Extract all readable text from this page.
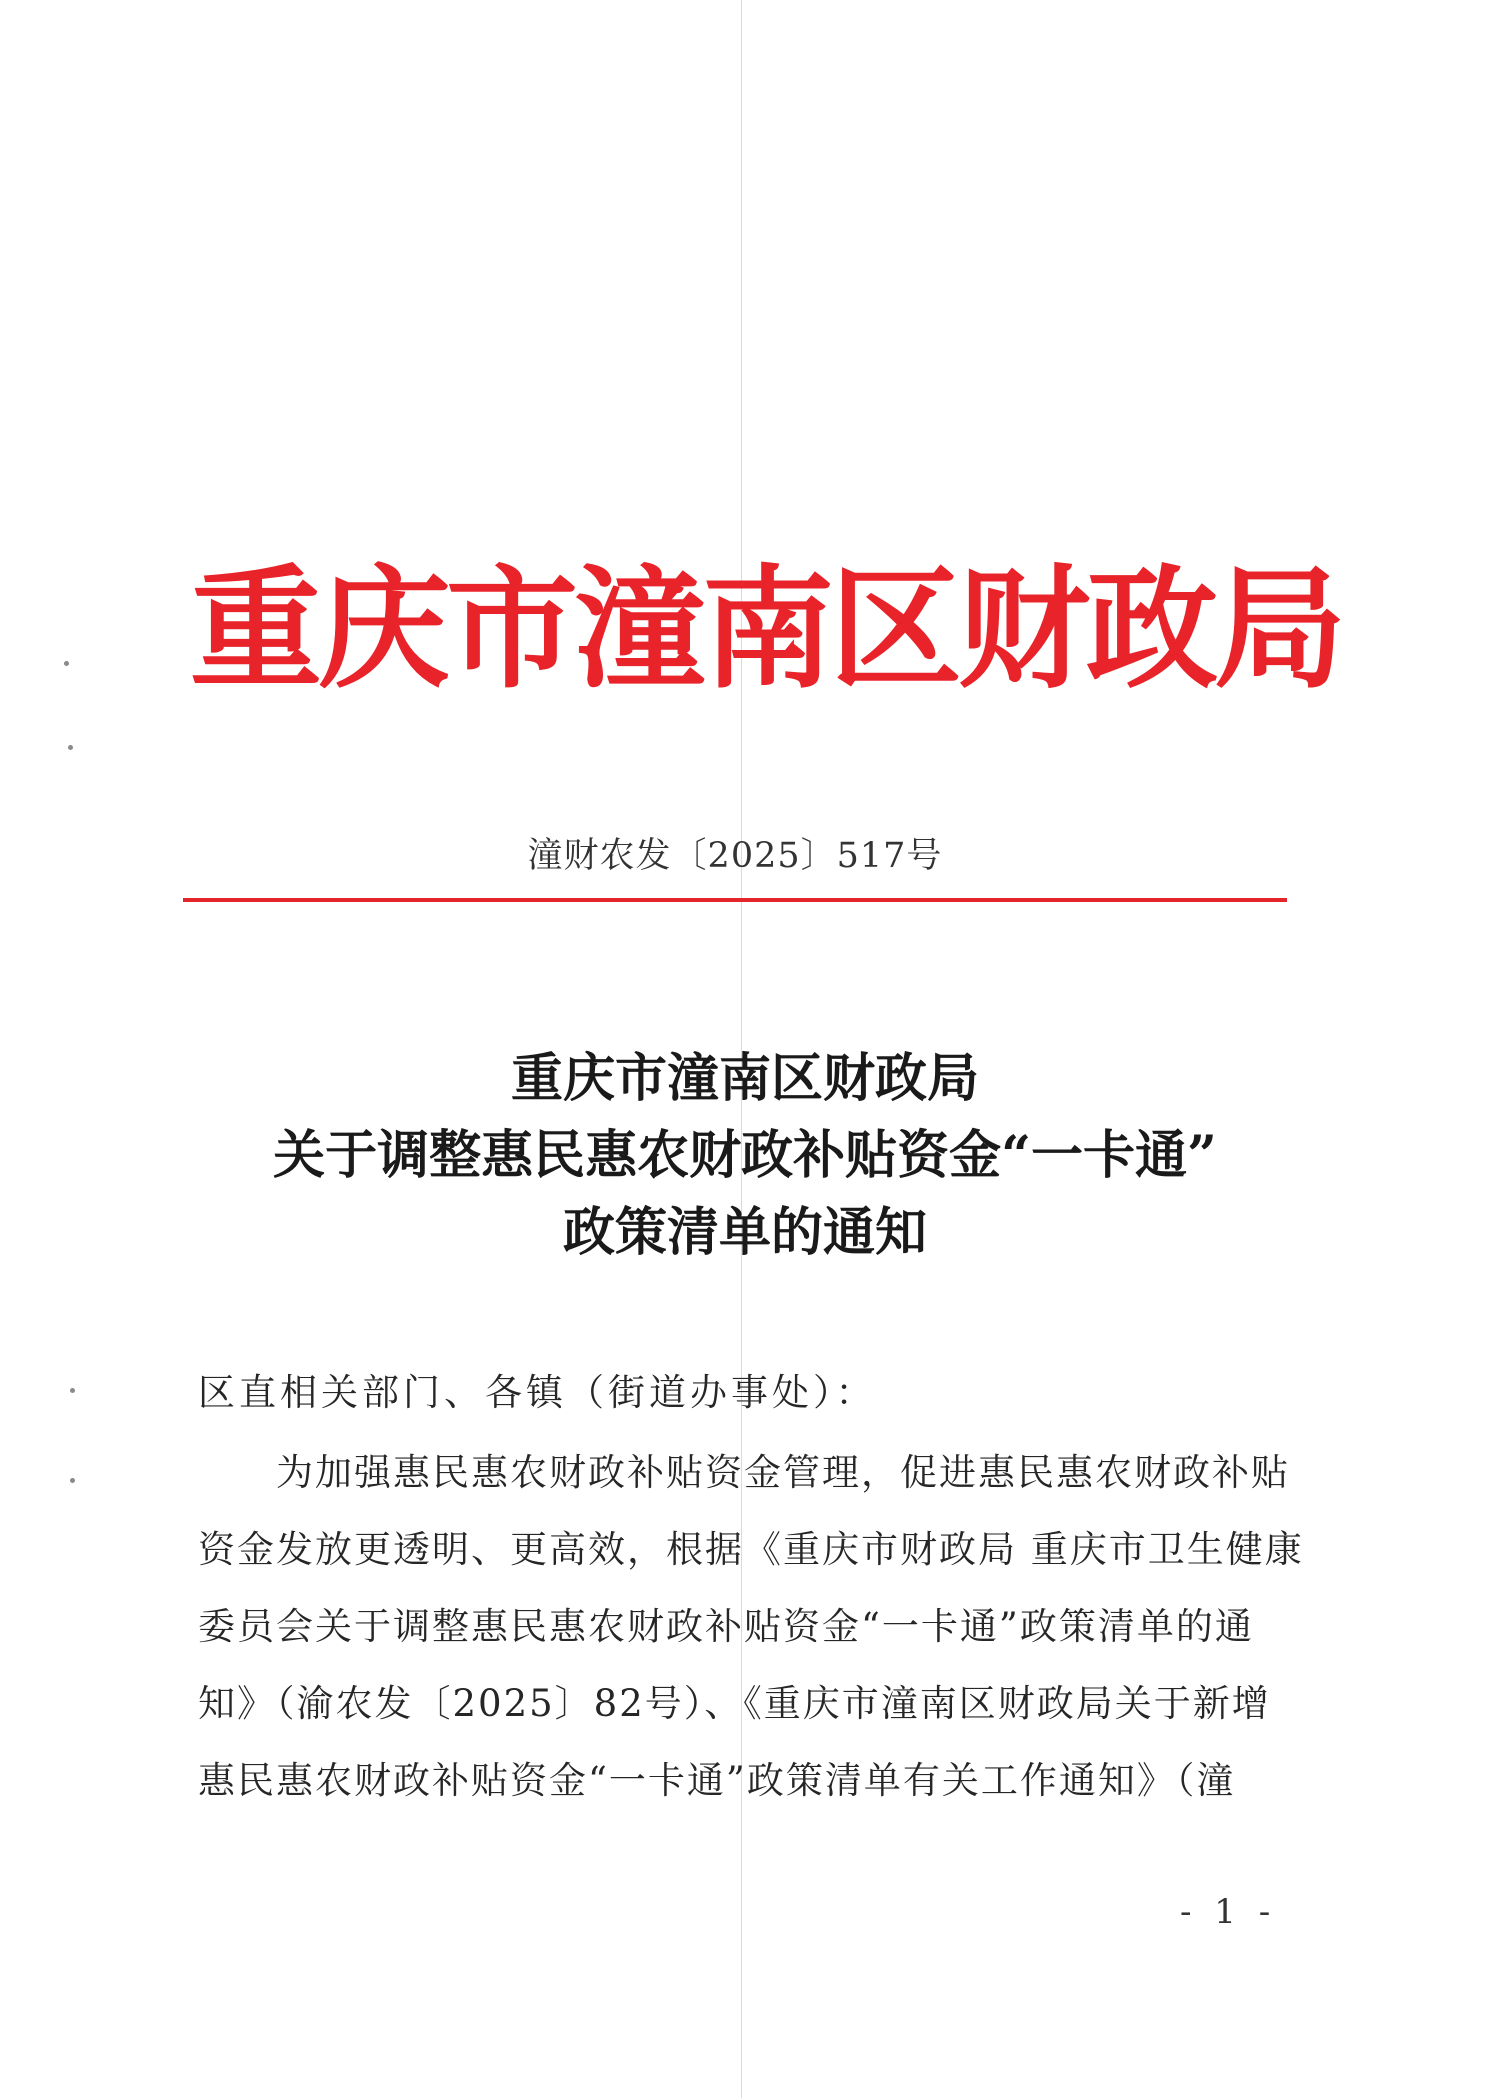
重庆市潼南区财政局
潼财农发〔2025〕517号
重庆市潼南区财政局
关于调整惠民惠农财政补贴资金“一卡通”
政策清单的通知
区直相关部门、各镇（街道办事处）：
　　为加强惠民惠农财政补贴资金管理，促进惠民惠农财政补贴
资金发放更透明、更高效，根据《重庆市财政局 重庆市卫生健康
委员会关于调整惠民惠农财政补贴资金“一卡通”政策清单的通
知》（渝农发〔2025〕82号）、《重庆市潼南区财政局关于新增
惠民惠农财政补贴资金“一卡通”政策清单有关工作通知》（潼
- 1 -
